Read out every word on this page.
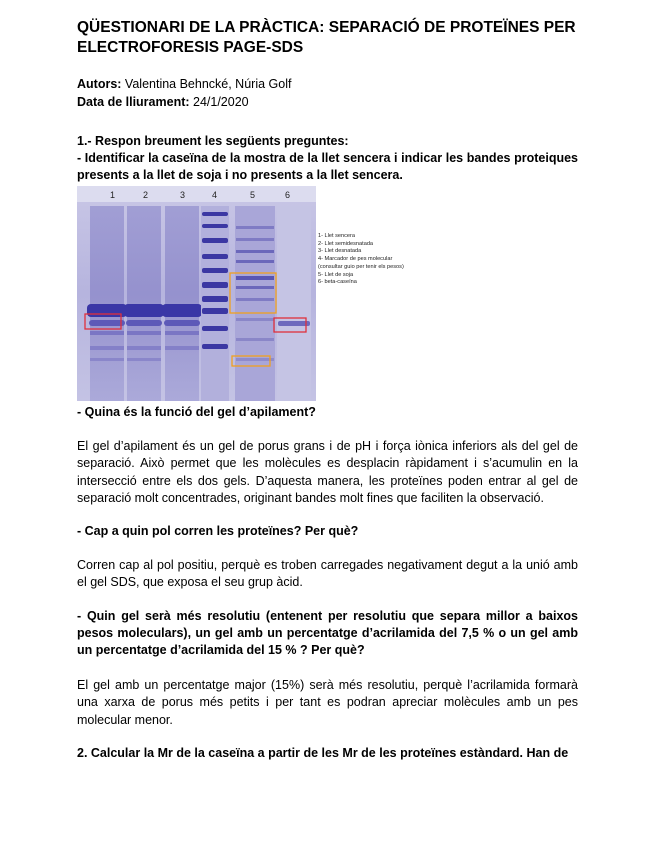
QÜESTIONARI DE LA PRÀCTICA: SEPARACIÓ DE PROTEÏNES PER
ELECTROFORESIS PAGE-SDS
Autors: Valentina Behncké, Núria Golf
Data de lliurament: 24/1/2020
1.- Respon breument les següents preguntes:
- Identificar la caseïna de la mostra de la llet sencera i indicar les bandes proteiques presents a la llet de soja i no presents a la llet sencera.
1	2	3	4	5	6
1- Llet sencera
2- Llet semidesnatada
3- Llet desnatada
4- Marcador de pes molecular
(consultar guio per tenir els pesos)
5- Llet de soja
6- beta-caseïna
- Quina és la funció del gel d’apilament?
El gel d’apilament és un gel de porus grans i de pH i força iònica inferiors als del gel de separació. Això permet que les molècules es desplacin ràpidament i s’acumulin en la intersecció entre els dos gels. D’aquesta manera, les proteïnes poden entrar al gel de separació molt concentrades, originant bandes molt fines que faciliten la observació.
- Cap a quin pol corren les proteïnes? Per què?
Corren cap al pol positiu, perquè es troben carregades negativament degut a la unió amb el gel SDS, que exposa el seu grup àcid.
- Quin gel serà més resolutiu (entenent per resolutiu que separa millor a baixos pesos moleculars), un gel amb un percentatge d’acrilamida del 7,5 % o un gel amb un percentatge d’acrilamida del 15 % ? Per què?
El gel amb un percentatge major (15%) serà més resolutiu, perquè l’acrilamida formarà una xarxa de porus més petits i per tant es podran apreciar molècules amb un pes molecular menor.
2. Calcular la Mr de la caseïna a partir de les Mr de les proteïnes estàndard. Han de
